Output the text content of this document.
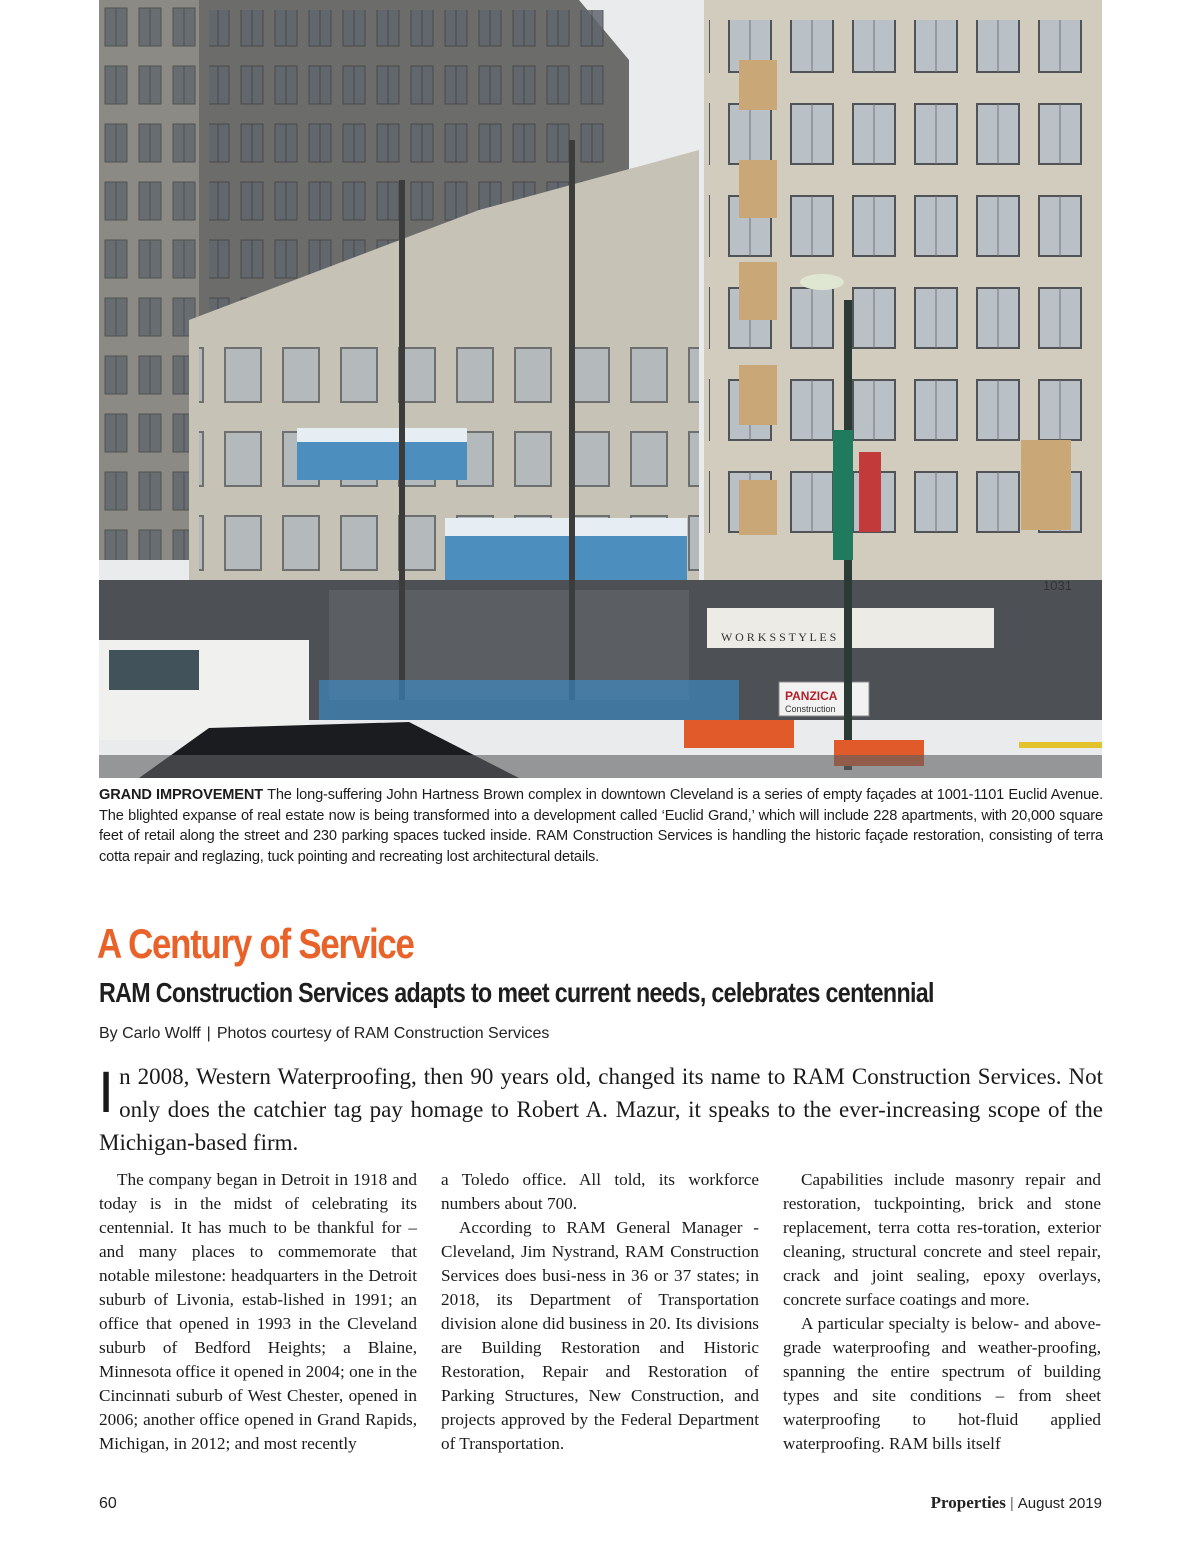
W O R K S S T Y L E S
1031
PANZICA
Construction
GRAND IMPROVEMENT The long-suffering John Hartness Brown complex in downtown Cleveland is a series of empty façades at 1001-1101 Euclid Avenue. The blighted expanse of real estate now is being transformed into a development called ‘Euclid Grand,’ which will include 228 apartments, with 20,000 square feet of retail along the street and 230 parking spaces tucked inside. RAM Construction Services is handling the historic façade restoration, consisting of terra cotta repair and reglazing, tuck pointing and recreating lost architectural details.
A Century of Service
RAM Construction Services adapts to meet current needs, celebrates centennial
By Carlo Wolff | Photos courtesy of RAM Construction Services
In 2008, Western Waterproofing, then 90 years old, changed its name to RAM Construction Services. Not only does the catchier tag pay homage to Robert A. Mazur, it speaks to the ever-increasing scope of the Michigan-based firm.

The company began in Detroit in 1918 and today is in the midst of celebrating its centennial. It has much to be thankful for – and many places to commemorate that notable milestone: headquarters in the Detroit suburb of Livonia, estab-lished in 1991; an office that opened in 1993 in the Cleveland suburb of Bedford Heights; a Blaine, Minnesota office it opened in 2004; one in the Cincinnati suburb of West Chester, opened in 2006; another office opened in Grand Rapids, Michigan, in 2012; and most recently

a Toledo office. All told, its workforce numbers about 700.

According to RAM General Manager - Cleveland, Jim Nystrand, RAM Construction Services does busi-ness in 36 or 37 states; in 2018, its Department of Transportation division alone did business in 20. Its divisions are Building Restoration and Historic Restoration, Repair and Restoration of Parking Structures, New Construction, and projects approved by the Federal Department of Transportation.

Capabilities include masonry repair and restoration, tuckpointing, brick and stone replacement, terra cotta res-toration, exterior cleaning, structural concrete and steel repair, crack and joint sealing, epoxy overlays, concrete surface coatings and more.

A particular specialty is below- and above-grade waterproofing and weather-proofing, spanning the entire spectrum of building types and site conditions – from sheet waterproofing to hot-fluid applied waterproofing. RAM bills itself

60	Properties | August 2019
